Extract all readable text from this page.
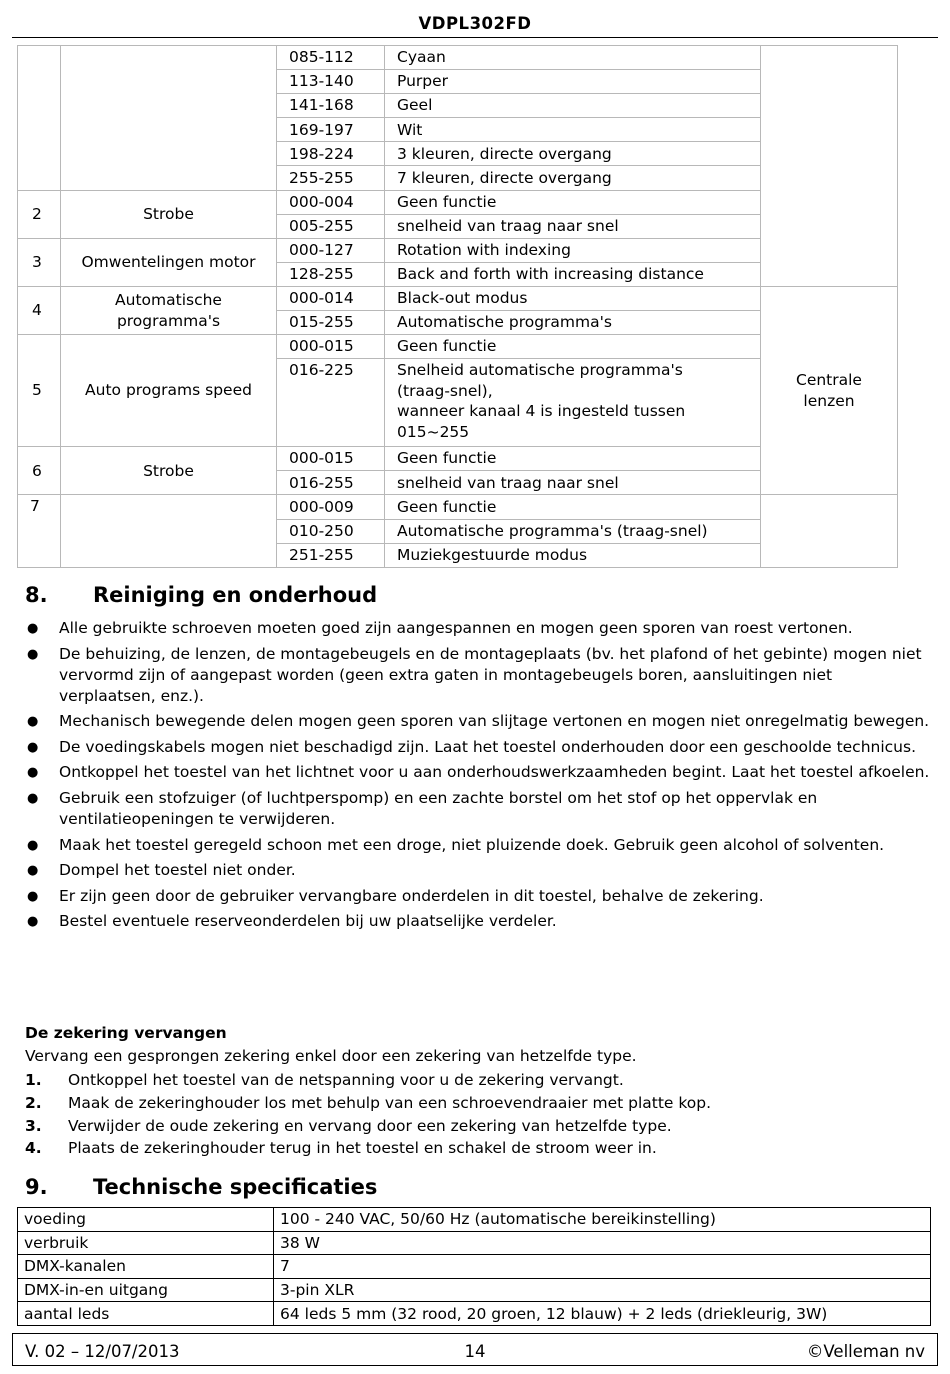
VDPL302FD
		085-112	Cyaan	
		113-140	Purper	
		141-168	Geel	
		169-197	Wit	
		198-224	3 kleuren, directe overgang	
		255-255	7 kleuren, directe overgang	
2	Strobe	000-004	Geen functie	
		005-255	snelheid van traag naar snel	
3	Omwentelingen motor	000-127	Rotation with indexing	
		128-255	Back and forth with increasing distance	
4	Automatische
programma's	000-014	Black-out modus	Centrale
lenzen
		015-255	Automatische programma's	
5	Auto programs speed	000-015	Geen functie	
		016-225	Snelheid automatische programma's
(traag-snel),
wanneer kanaal 4 is ingesteld tussen
015~255	
6	Strobe	000-015	Geen functie	
		016-255	snelheid van traag naar snel	
7		000-009	Geen functie	
		010-250	Automatische programma's (traag-snel)	
		251-255	Muziekgestuurde modus	
8. Reiniging en onderhoud
● Alle gebruikte schroeven moeten goed zijn aangespannen en mogen geen sporen van roest vertonen.
● De behuizing, de lenzen, de montagebeugels en de montageplaats (bv. het plafond of het gebinte) mogen niet vervormd zijn of aangepast worden (geen extra gaten in montagebeugels boren, aansluitingen niet verplaatsen, enz.).
● Mechanisch bewegende delen mogen geen sporen van slijtage vertonen en mogen niet onregelmatig bewegen.
● De voedingskabels mogen niet beschadigd zijn. Laat het toestel onderhouden door een geschoolde technicus.
● Ontkoppel het toestel van het lichtnet voor u aan onderhoudswerkzaamheden begint. Laat het toestel afkoelen.
● Gebruik een stofzuiger (of luchtperspomp) en een zachte borstel om het stof op het oppervlak en ventilatieopeningen te verwijderen.
● Maak het toestel geregeld schoon met een droge, niet pluizende doek. Gebruik geen alcohol of solventen.
● Dompel het toestel niet onder.
● Er zijn geen door de gebruiker vervangbare onderdelen in dit toestel, behalve de zekering.
● Bestel eventuele reserveonderdelen bij uw plaatselijke verdeler.
De zekering vervangen
Vervang een gesprongen zekering enkel door een zekering van hetzelfde type.
1. Ontkoppel het toestel van de netspanning voor u de zekering vervangt.
2. Maak de zekeringhouder los met behulp van een schroevendraaier met platte kop.
3. Verwijder de oude zekering en vervang door een zekering van hetzelfde type.
4. Plaats de zekeringhouder terug in het toestel en schakel de stroom weer in.
9. Technische specificaties
voeding	100 - 240 VAC, 50/60 Hz (automatische bereikinstelling)
verbruik	38 W
DMX-kanalen	7
DMX-in-en uitgang	3-pin XLR
aantal leds	64 leds 5 mm (32 rood, 20 groen, 12 blauw) + 2 leds (driekleurig, 3W)
14
V. 02 – 12/07/2013	©Velleman nv
